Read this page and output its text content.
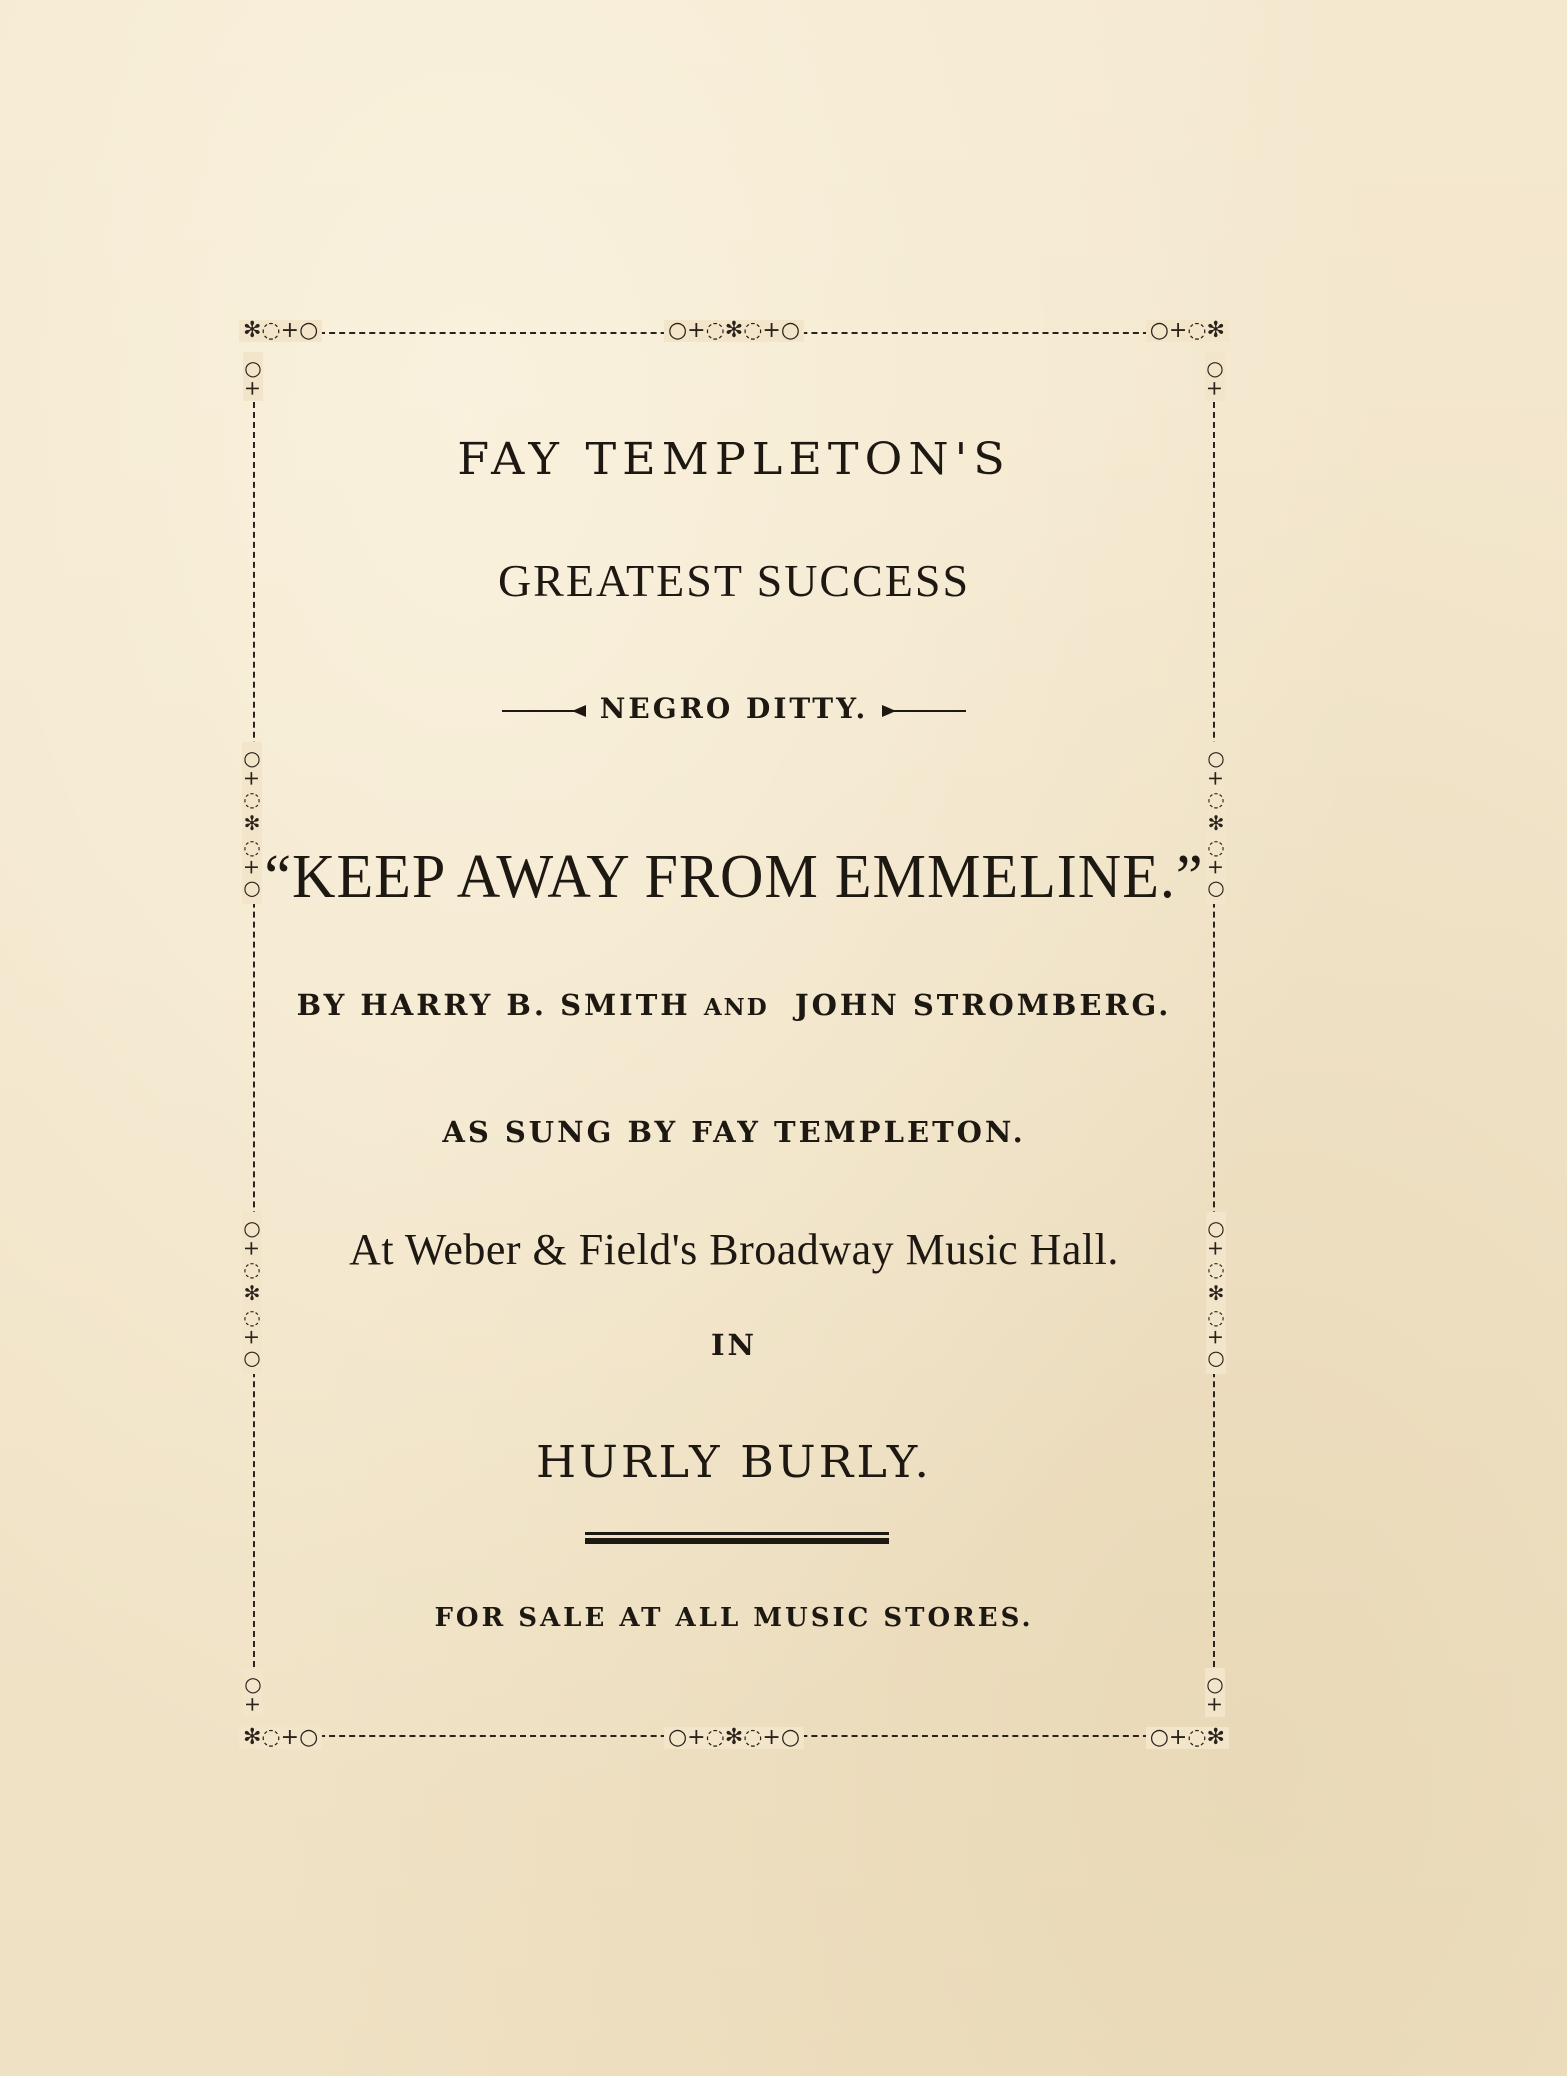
✻◌+○	○+◌✻
✻◌+○	○+◌✻
○+◌✻◌+○
○+◌✻◌+○
○+	○+
○+	○+
○+◌✻◌+○	○+◌✻◌+○
○+◌✻◌+○	○+◌✻◌+○
FAY TEMPLETON'S
GREATEST SUCCESS
NEGRO DITTY.
“KEEP AWAY FROM EMMELINE.”
BY HARRY B. SMITH AND JOHN STROMBERG.
AS SUNG BY FAY TEMPLETON.
At Weber & Field's Broadway Music Hall.
IN
HURLY BURLY.
FOR SALE AT ALL MUSIC STORES.
